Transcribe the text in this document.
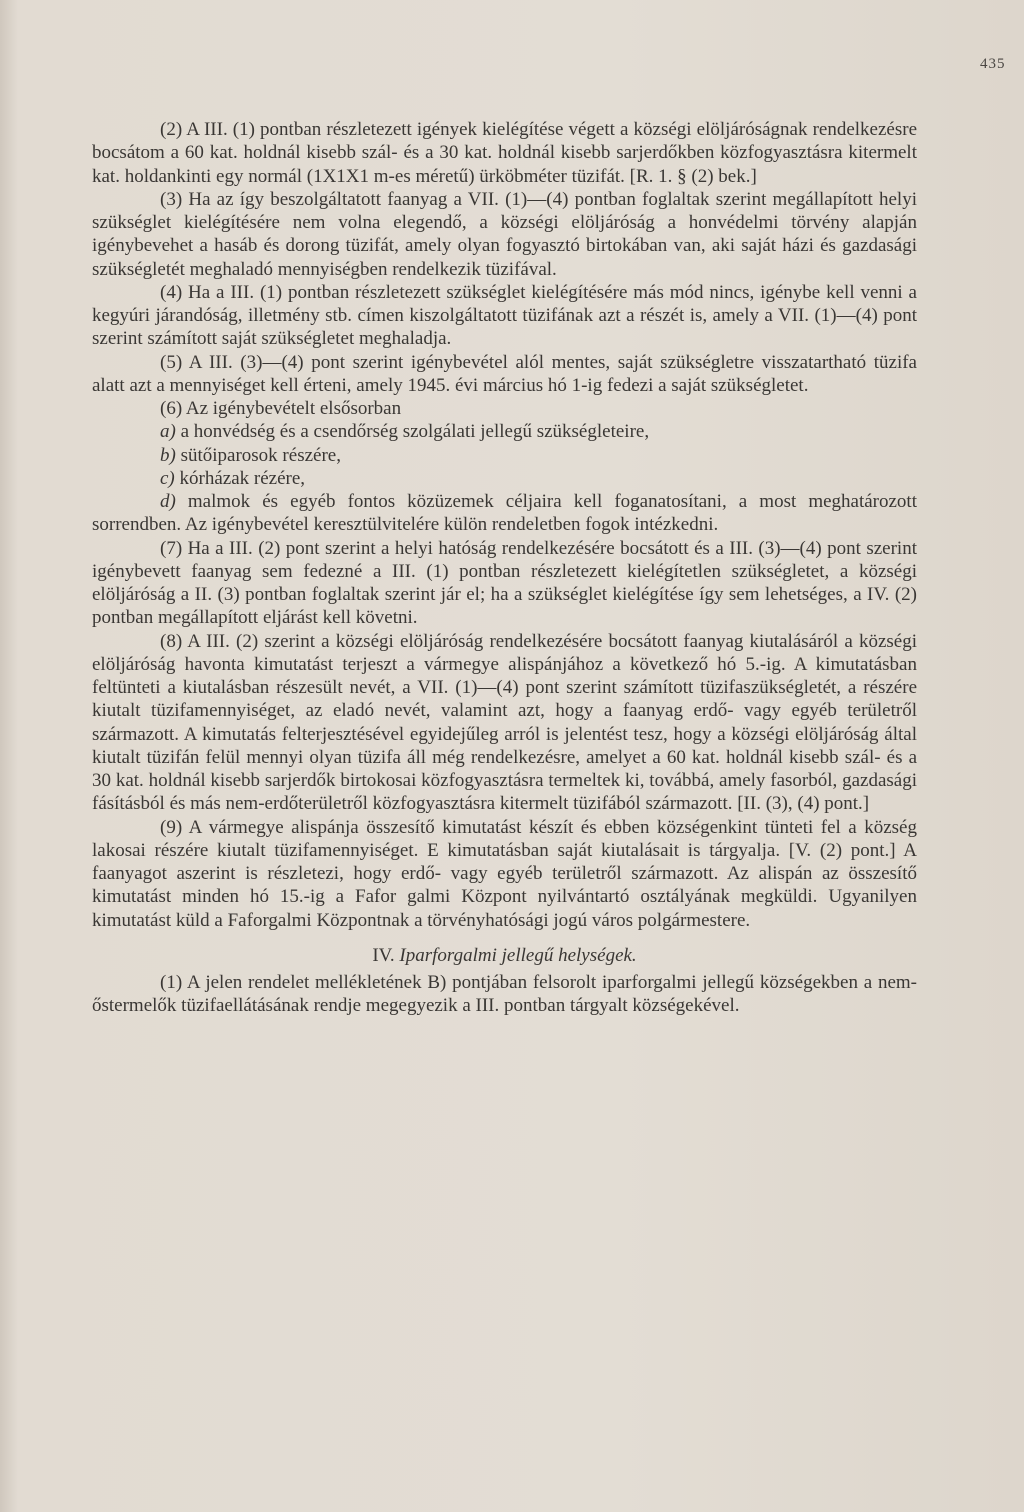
435

(2) A III. (1) pontban részletezett igények kielégítése végett a községi elöljáróságnak rendelkezésre bocsátom a 60 kat. holdnál kisebb szál- és a 30 kat. holdnál kisebb sarjerdőkben közfogyasztásra kitermelt kat. holdankinti egy normál (1X1X1 m-es méretű) ürköbméter tüzifát. [R. 1. § (2) bek.]

(3) Ha az így beszolgáltatott faanyag a VII. (1)—(4) pontban foglaltak szerint megállapított helyi szükséglet kielégítésére nem volna elegendő, a községi elöljáróság a honvédelmi törvény alapján igénybevehet a hasáb és dorong tüzifát, amely olyan fogyasztó birtokában van, aki saját házi és gazdasági szükségletét meghaladó mennyiségben rendelkezik tüzifával.

(4) Ha a III. (1) pontban részletezett szükséglet kielégítésére más mód nincs, igénybe kell venni a kegyúri járandóság, illetmény stb. címen kiszolgáltatott tüzifának azt a részét is, amely a VII. (1)—(4) pont szerint számított saját szükségletet meghaladja.

(5) A III. (3)—(4) pont szerint igénybevétel alól mentes, saját szükségletre visszatartható tüzifa alatt azt a mennyiséget kell érteni, amely 1945. évi március hó 1-ig fedezi a saját szükségletet.

(6) Az igénybevételt elsősorban

a) a honvédség és a csendőrség szolgálati jellegű szükségleteire,

b) sütőiparosok részére,

c) kórházak rézére,

d) malmok és egyéb fontos közüzemek céljaira kell foganatosítani, a most meghatározott sorrendben. Az igénybevétel keresztülvitelére külön rendeletben fogok intézkedni.

(7) Ha a III. (2) pont szerint a helyi hatóság rendelkezésére bocsátott és a III. (3)—(4) pont szerint igénybevett faanyag sem fedezné a III. (1) pontban részletezett kielégítetlen szükségletet, a községi elöljáróság a II. (3) pontban foglaltak szerint jár el; ha a szükséglet kielégítése így sem lehetséges, a IV. (2) pontban megállapított eljárást kell követni.

(8) A III. (2) szerint a községi elöljáróság rendelkezésére bocsátott faanyag kiutalásáról a községi elöljáróság havonta kimutatást terjeszt a vármegye alispánjához a következő hó 5.-ig. A kimutatásban feltünteti a kiutalásban részesült nevét, a VII. (1)—(4) pont szerint számított tüzifaszükségletét, a részére kiutalt tüzifamennyiséget, az eladó nevét, valamint azt, hogy a faanyag erdő- vagy egyéb területről származott. A kimutatás felterjesztésével egyidejűleg arról is jelentést tesz, hogy a községi elöljáróság által kiutalt tüzifán felül mennyi olyan tüzifa áll még rendelkezésre, amelyet a 60 kat. holdnál kisebb szál- és a 30 kat. holdnál kisebb sarjerdők birtokosai közfogyasztásra termeltek ki, továbbá, amely fasorból, gazdasági fásításból és más nem-erdőterületről közfogyasztásra kitermelt tüzifából származott. [II. (3), (4) pont.]

(9) A vármegye alispánja összesítő kimutatást készít és ebben községenkint tünteti fel a község lakosai részére kiutalt tüzifamennyiséget. E kimutatásban saját kiutalásait is tárgyalja. [V. (2) pont.] A faanyagot aszerint is részletezi, hogy erdő- vagy egyéb területről származott. Az alispán az összesítő kimutatást minden hó 15.-ig a Fafor galmi Központ nyilvántartó osztályának megküldi. Ugyanilyen kimutatást küld a Faforgalmi Központnak a törvényhatósági jogú város polgármestere.

IV. Iparforgalmi jellegű helységek.

(1) A jelen rendelet mellékletének B) pontjában felsorolt iparforgalmi jellegű községekben a nem-őstermelők tüzifaellátásának rendje megegyezik a III. pontban tárgyalt községekével.
